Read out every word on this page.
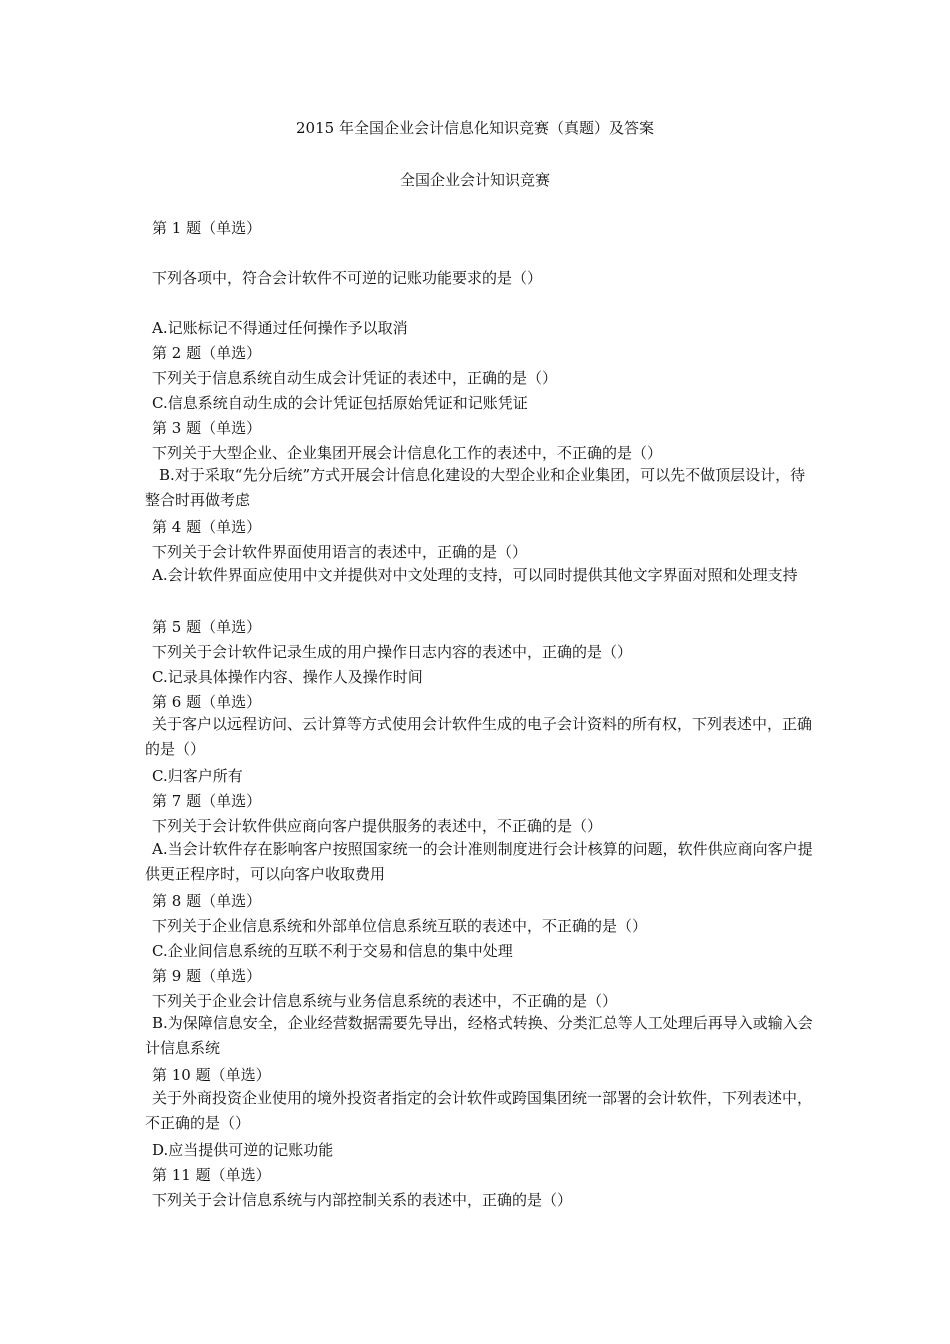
2015 年全国企业会计信息化知识竞赛（真题）及答案
全国企业会计知识竞赛
第 1 题（单选）
下列各项中，符合会计软件不可逆的记账功能要求的是（）
A.记账标记不得通过任何操作予以取消
第 2 题（单选）
下列关于信息系统自动生成会计凭证的表述中，正确的是（）
C.信息系统自动生成的会计凭证包括原始凭证和记账凭证
第 3 题（单选）
下列关于大型企业、企业集团开展会计信息化工作的表述中，不正确的是（）
B.对于采取“先分后统”方式开展会计信息化建设的大型企业和企业集团，可以先不做顶层设计，待整合时再做考虑
第 4 题（单选）
下列关于会计软件界面使用语言的表述中，正确的是（）
A.会计软件界面应使用中文并提供对中文处理的支持，可以同时提供其他文字界面对照和处理支持
第 5 题（单选）
下列关于会计软件记录生成的用户操作日志内容的表述中，正确的是（）
C.记录具体操作内容、操作人及操作时间
第 6 题（单选）
关于客户以远程访问、云计算等方式使用会计软件生成的电子会计资料的所有权，下列表述中，正确的是（）
C.归客户所有
第 7 题（单选）
下列关于会计软件供应商向客户提供服务的表述中，不正确的是（）
A.当会计软件存在影响客户按照国家统一的会计准则制度进行会计核算的问题，软件供应商向客户提供更正程序时，可以向客户收取费用
第 8 题（单选）
下列关于企业信息系统和外部单位信息系统互联的表述中，不正确的是（）
C.企业间信息系统的互联不利于交易和信息的集中处理
第 9 题（单选）
下列关于企业会计信息系统与业务信息系统的表述中，不正确的是（）
B.为保障信息安全，企业经营数据需要先导出，经格式转换、分类汇总等人工处理后再导入或输入会计信息系统
第 10 题（单选）
关于外商投资企业使用的境外投资者指定的会计软件或跨国集团统一部署的会计软件，下列表述中，不正确的是（）
D.应当提供可逆的记账功能
第 11 题（单选）
下列关于会计信息系统与内部控制关系的表述中，正确的是（）
